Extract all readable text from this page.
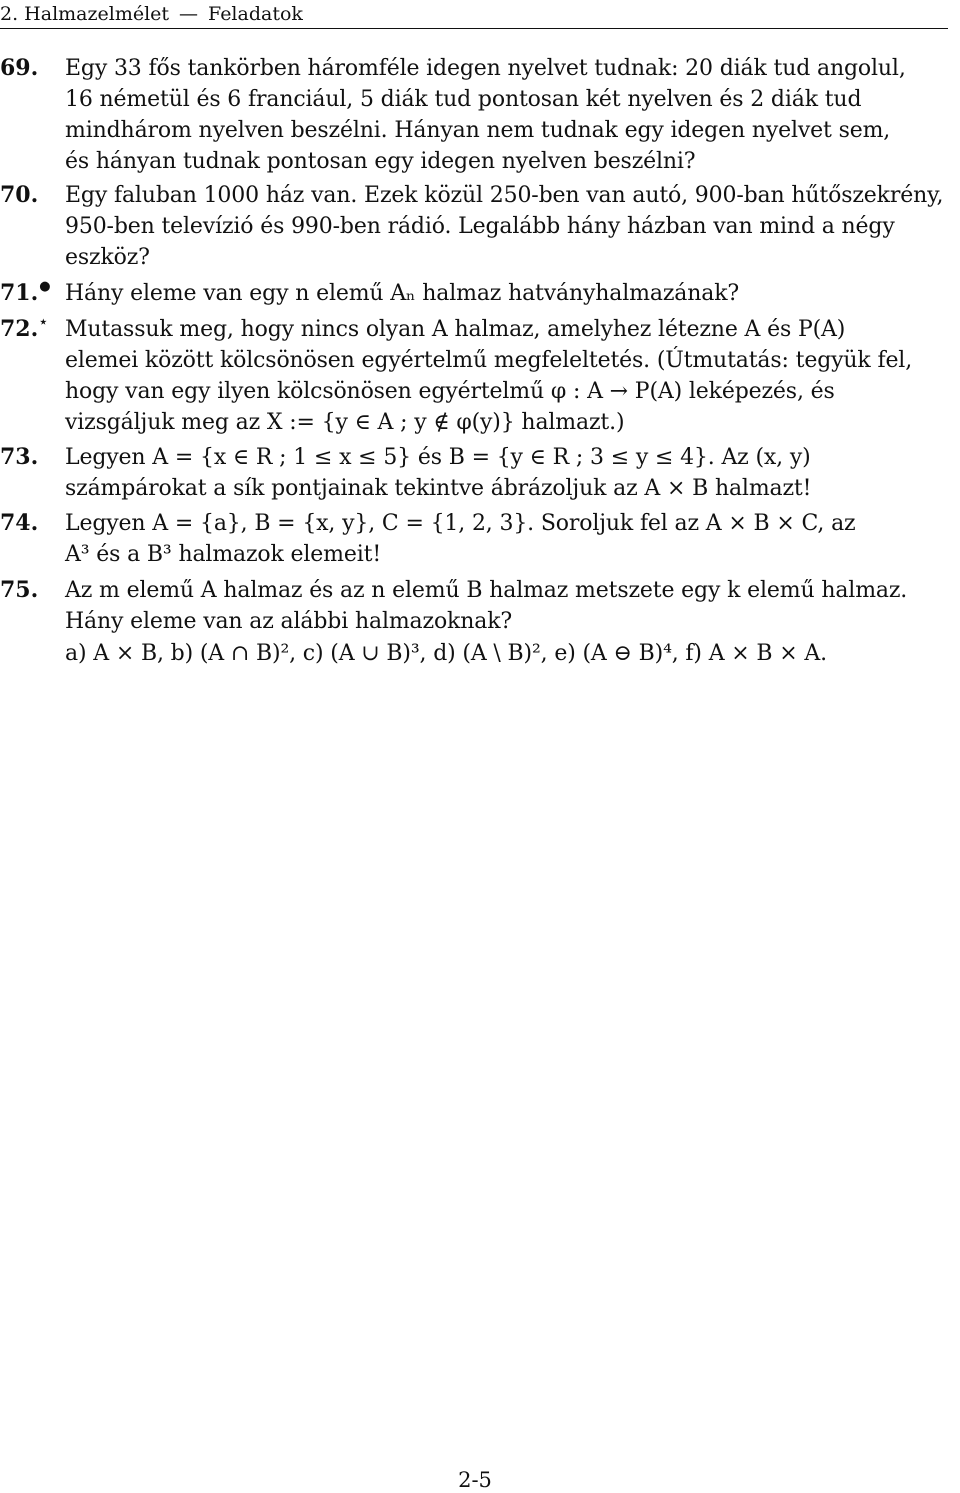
2. Halmazelmélet — Feladatok
69. Egy 33 fős tankörben háromféle idegen nyelvet tudnak: 20 diák tud angolul,
16 németül és 6 franciául, 5 diák tud pontosan két nyelven és 2 diák tud
mindhárom nyelven beszélni. Hányan nem tudnak egy idegen nyelvet sem,
és hányan tudnak pontosan egy idegen nyelven beszélni?
70. Egy faluban 1000 ház van. Ezek közül 250-ben van autó, 900-ban hűtőszekrény,
950-ben televízió és 990-ben rádió. Legalább hány házban van mind a négy
eszköz?
71.● Hány eleme van egy n elemű Aₙ halmaz hatványhalmazának?
72.⋆ Mutassuk meg, hogy nincs olyan A halmaz, amelyhez létezne A és P(A)
elemei között kölcsönösen egyértelmű megfeleltetés. (Útmutatás: tegyük fel,
hogy van egy ilyen kölcsönösen egyértelmű φ : A → P(A) leképezés, és
vizsgáljuk meg az X := {y ∈ A ; y ∉ φ(y)} halmazt.)
73. Legyen A = {x ∈ R ; 1 ≤ x ≤ 5} és B = {y ∈ R ; 3 ≤ y ≤ 4}. Az (x, y)
számpárokat a sík pontjainak tekintve ábrázoljuk az A × B halmazt!
74. Legyen A = {a}, B = {x, y}, C = {1, 2, 3}. Soroljuk fel az A × B × C, az
A³ és a B³ halmazok elemeit!
75. Az m elemű A halmaz és az n elemű B halmaz metszete egy k elemű halmaz.
Hány eleme van az alábbi halmazoknak?
a) A × B, b) (A ∩ B)², c) (A ∪ B)³, d) (A \ B)², e) (A ⊖ B)⁴, f) A × B × A.
2-5
